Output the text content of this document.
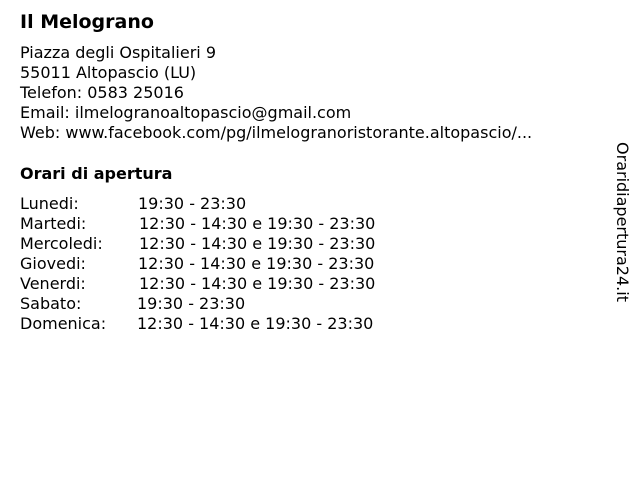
Il Melograno
Piazza degli Ospitalieri 9
55011 Altopascio (LU)
Telefon: 0583 25016
Email: ilmelogranoaltopascio@gmail.com
Web: www.facebook.com/pg/ilmelogranoristorante.altopascio/...
Orari di apertura
Lunedi:	19:30 - 23:30
Martedi:	12:30 - 14:30 e 19:30 - 23:30
Mercoledi: 12:30 - 14:30 e 19:30 - 23:30
Giovedi:	12:30 - 14:30 e 19:30 - 23:30
Venerdi:	12:30 - 14:30 e 19:30 - 23:30
Sabato:	19:30 - 23:30
Domenica: 12:30 - 14:30 e 19:30 - 23:30
Oraridiapertura24.it
